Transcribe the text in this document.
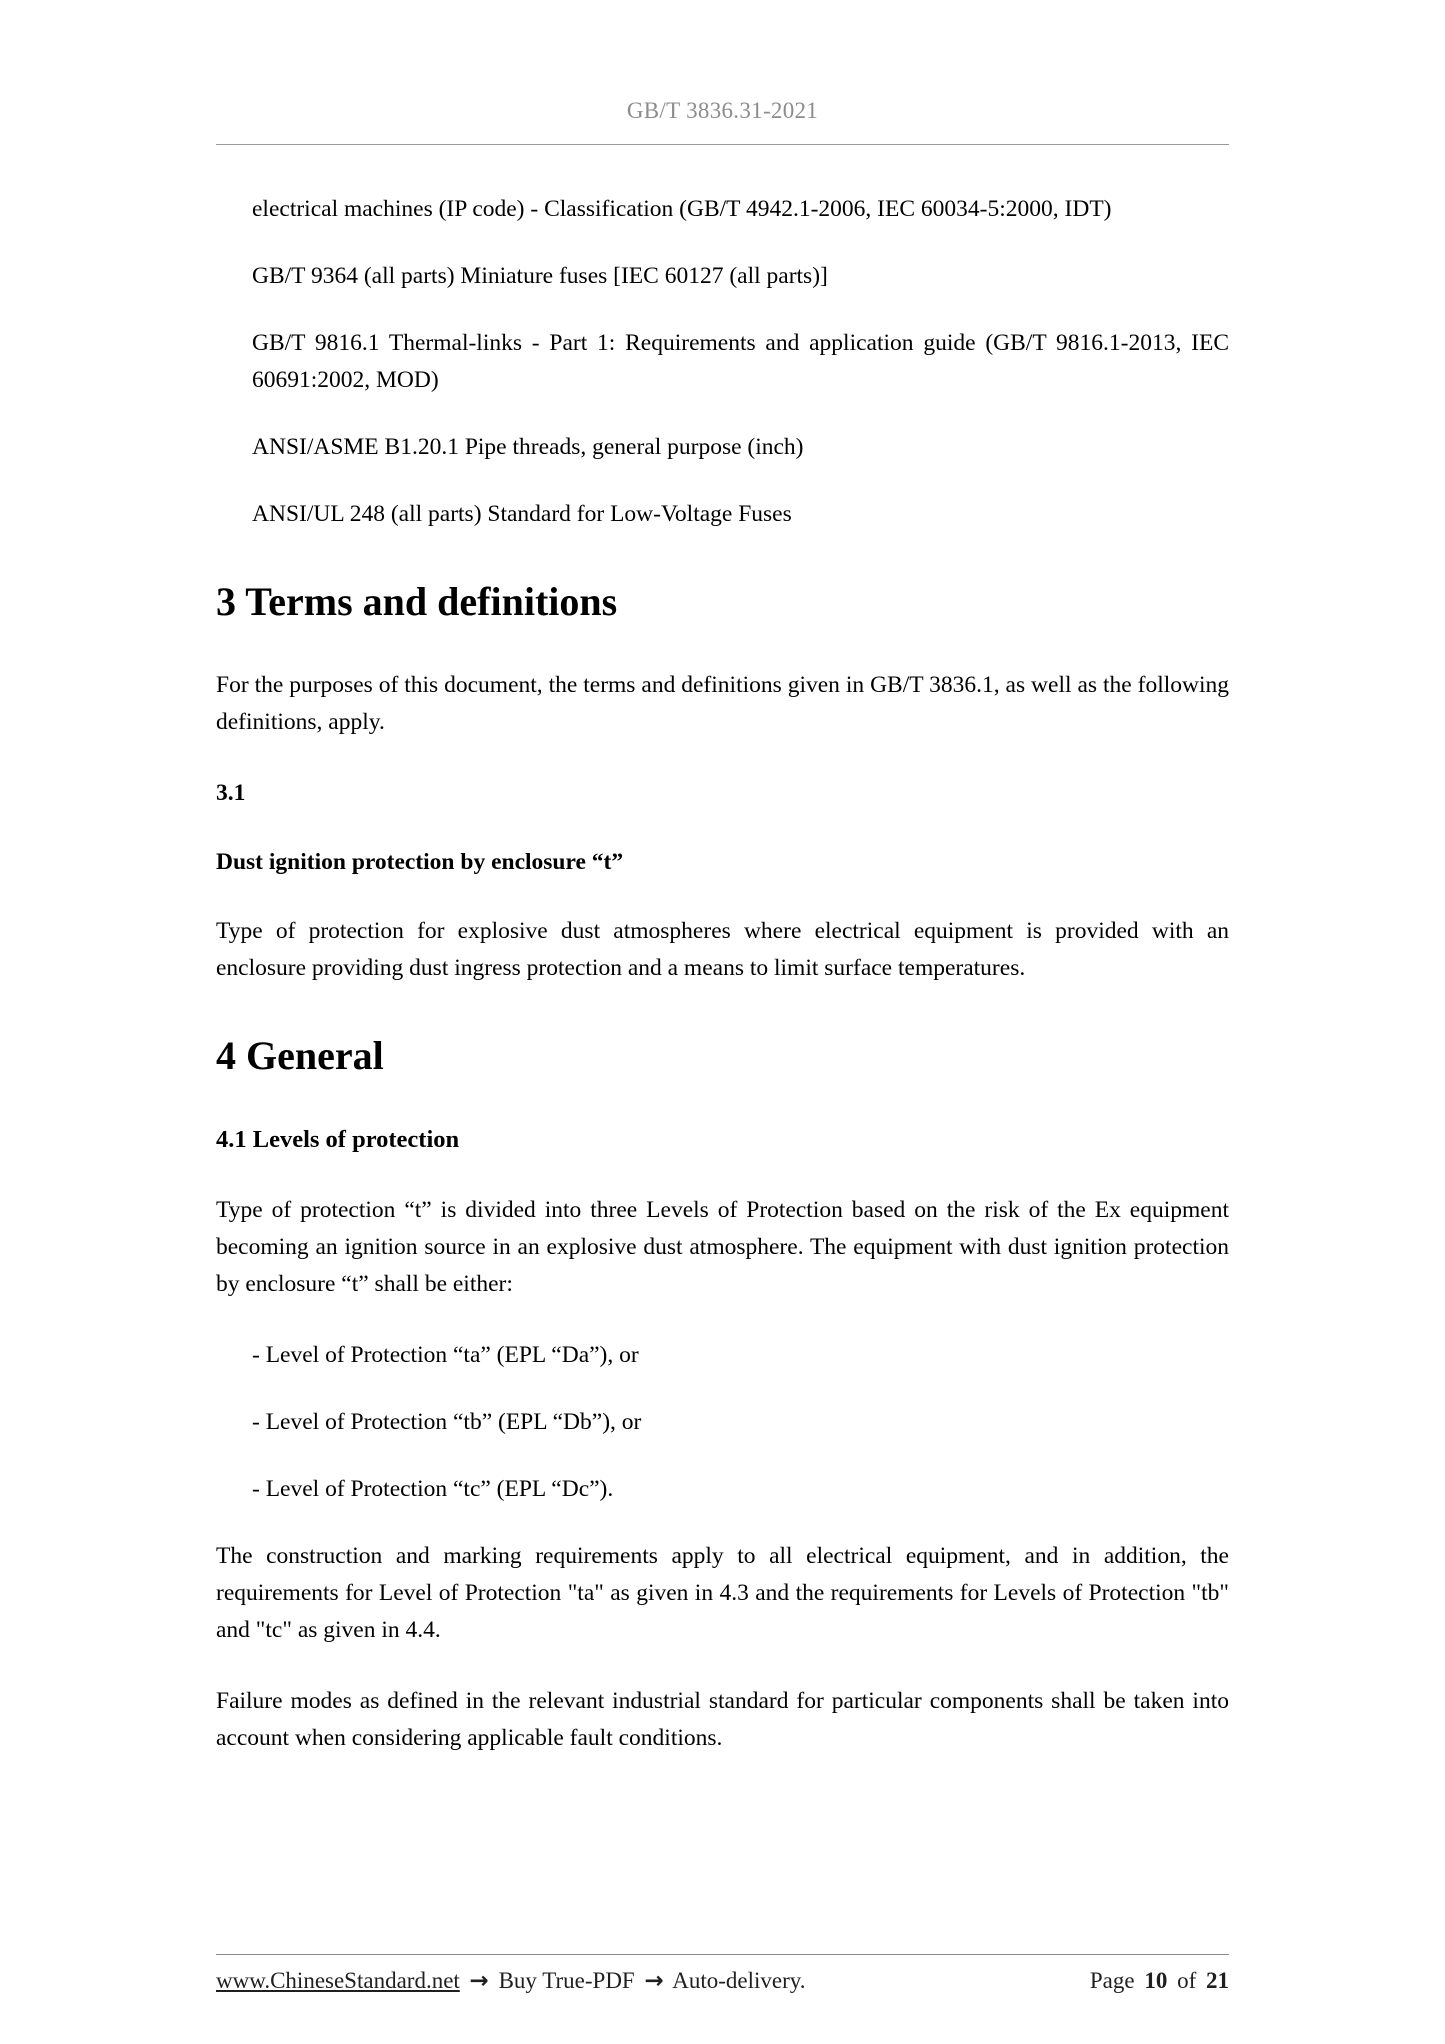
GB/T 3836.31-2021

electrical machines (IP code) - Classification (GB/T 4942.1-2006, IEC 60034-5:2000, IDT)

GB/T 9364 (all parts) Miniature fuses [IEC 60127 (all parts)]

GB/T 9816.1 Thermal-links - Part 1: Requirements and application guide (GB/T 9816.1-2013, IEC 60691:2002, MOD)

ANSI/ASME B1.20.1 Pipe threads, general purpose (inch)

ANSI/UL 248 (all parts) Standard for Low-Voltage Fuses

3 Terms and definitions

For the purposes of this document, the terms and definitions given in GB/T 3836.1, as well as the following definitions, apply.

3.1

Dust ignition protection by enclosure “t”

Type of protection for explosive dust atmospheres where electrical equipment is provided with an enclosure providing dust ingress protection and a means to limit surface temperatures.

4 General

4.1 Levels of protection

Type of protection “t” is divided into three Levels of Protection based on the risk of the Ex equipment becoming an ignition source in an explosive dust atmosphere. The equipment with dust ignition protection by enclosure “t” shall be either:

- Level of Protection “ta” (EPL “Da”), or

- Level of Protection “tb” (EPL “Db”), or

- Level of Protection “tc” (EPL “Dc”).

The construction and marking requirements apply to all electrical equipment, and in addition, the requirements for Level of Protection "ta" as given in 4.3 and the requirements for Levels of Protection "tb" and "tc" as given in 4.4.

Failure modes as defined in the relevant industrial standard for particular components shall be taken into account when considering applicable fault conditions.

www.ChineseStandard.net → Buy True-PDF → Auto-delivery.	Page 10 of 21
